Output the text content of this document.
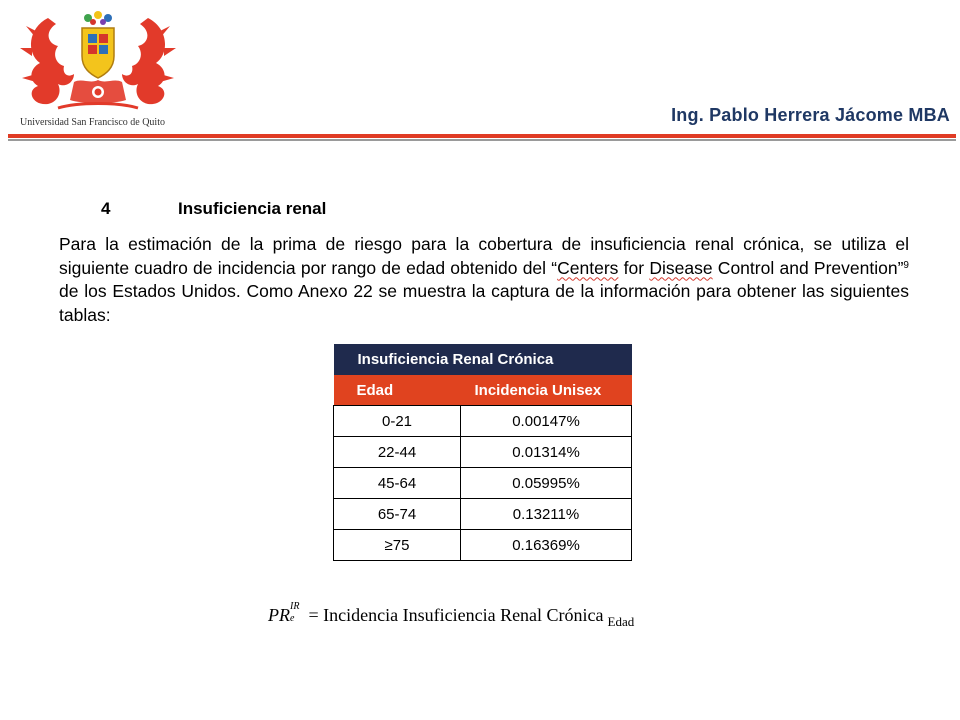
Universidad San Francisco de Quito	Ing. Pablo Herrera Jácome MBA
4	Insuficiencia renal

Para la estimación de la prima de riesgo para la cobertura de insuficiencia renal crónica, se utiliza el siguiente cuadro de incidencia por rango de edad obtenido del “Centers for Disease Control and Prevention”$^9$ de los Estados Unidos. Como Anexo 22 se muestra la captura de la información para obtener las siguientes tablas:

Insuficiencia Renal Crónica	
Edad	Incidencia Unisex
0-21	0.00147%
22-44	0.01314%
45-64	0.05995%
65-74	0.13211%
≥75	0.16369%
PR IR
e = Incidencia Insuficiencia Renal Crónica $_{Edad}$
